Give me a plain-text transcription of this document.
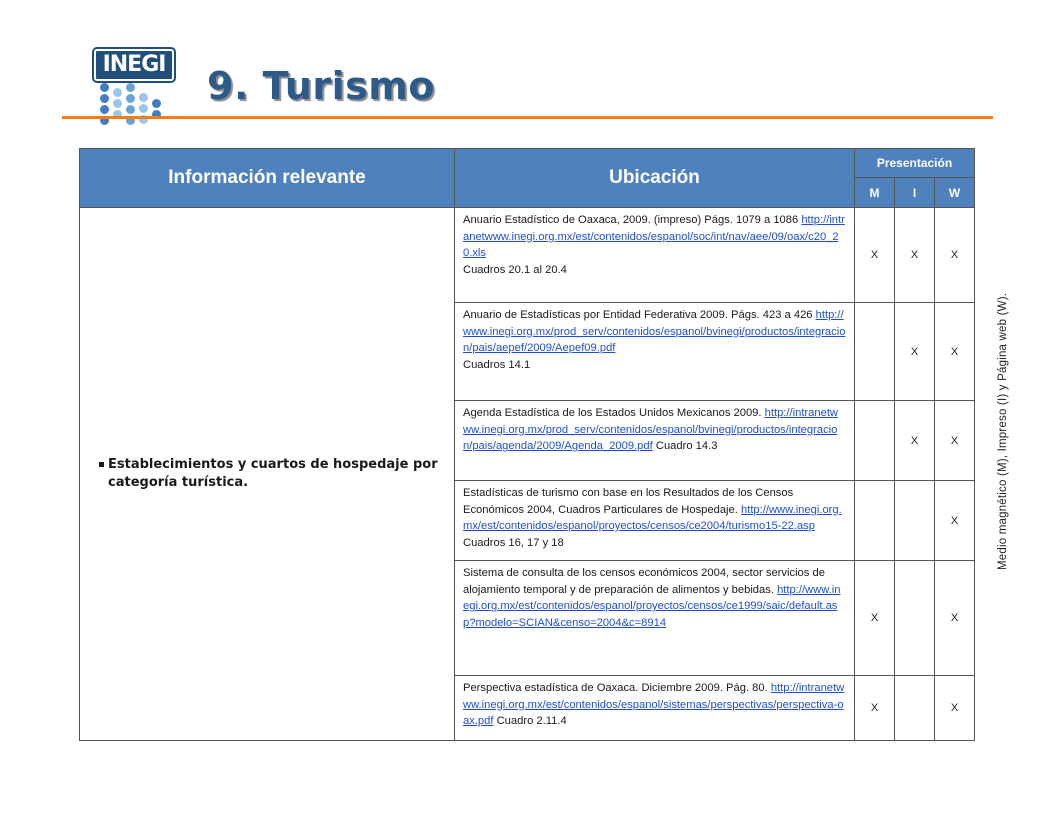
INEGI 9. Turismo
Información relevante	Ubicación	Presentación		
		M	I	W

Establecimientos y cuartos de hospedaje por categoría turística.	Anuario Estadístico de Oaxaca, 2009. (impreso) Págs. 1079 a 1086 http://intranetwww.inegi.org.mx/est/contenidos/espanol/soc/int/nav/aee/09/oax/c20_20.xls
Cuadros 20.1 al 20.4	X	X	X
	Anuario de Estadísticas por Entidad Federativa 2009. Págs. 423 a 426 http://www.inegi.org.mx/prod_serv/contenidos/espanol/bvinegi/productos/integracion/pais/aepef/2009/Aepef09.pdf
Cuadros 14.1		X	X
	Agenda Estadística de los Estados Unidos Mexicanos 2009. http://intranetwww.inegi.org.mx/prod_serv/contenidos/espanol/bvinegi/productos/integracion/pais/agenda/2009/Agenda_2009.pdf Cuadro 14.3		X	X
	Estadísticas de turismo con base en los Resultados de los Censos Económicos 2004, Cuadros Particulares de Hospedaje. http://www.inegi.org.mx/est/contenidos/espanol/proyectos/censos/ce2004/turismo15-22.asp Cuadros 16, 17 y 18			X
	Sistema de consulta de los censos económicos 2004, sector servicios de alojamiento temporal y de preparación de alimentos y bebidas. http://www.inegi.org.mx/est/contenidos/espanol/proyectos/censos/ce1999/saic/default.asp?modelo=SCIAN&censo=2004&c=8914	X		X
	Perspectiva estadística de Oaxaca. Diciembre 2009. Pág. 80. http://intranetwww.inegi.org.mx/est/contenidos/espanol/sistemas/perspectivas/perspectiva-oax.pdf Cuadro 2.11.4	X		X
Medio magnético (M), Impreso (I) y Página web (W).
